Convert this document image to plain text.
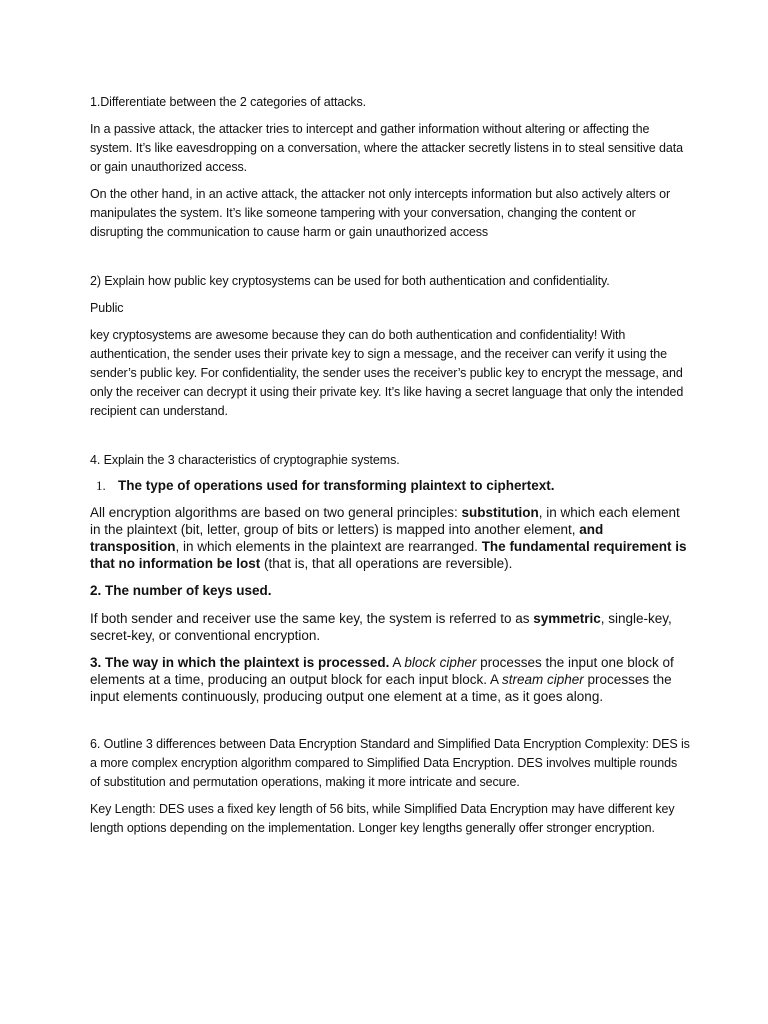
1.Differentiate between the 2 categories of attacks.

In a passive attack, the attacker tries to intercept and gather information without altering or affecting the system. It’s like eavesdropping on a conversation, where the attacker secretly listens in to steal sensitive data or gain unauthorized access.

On the other hand, in an active attack, the attacker not only intercepts information but also actively alters or manipulates the system. It’s like someone tampering with your conversation, changing the content or disrupting the communication to cause harm or gain unauthorized access

2) Explain how public key cryptosystems can be used for both authentication and confidentiality.

Public

key cryptosystems are awesome because they can do both authentication and confidentiality! With authentication, the sender uses their private key to sign a message, and the receiver can verify it using the sender’s public key. For confidentiality, the sender uses the receiver’s public key to encrypt the message, and only the receiver can decrypt it using their private key. It’s like having a secret language that only the intended recipient can understand.

4. Explain the 3 characteristics of cryptographie systems.

1. The type of operations used for transforming plaintext to ciphertext.

All encryption algorithms are based on two general principles: substitution, in which each element in the plaintext (bit, letter, group of bits or letters) is mapped into another element, and transposition, in which elements in the plaintext are rearranged. The fundamental requirement is that no information be lost (that is, that all operations are reversible).

2. The number of keys used.

If both sender and receiver use the same key, the system is referred to as symmetric, single-key, secret-key, or conventional encryption.

3. The way in which the plaintext is processed. A block cipher processes the input one block of elements at a time, producing an output block for each input block. A stream cipher processes the input elements continuously, producing output one element at a time, as it goes along.

6. Outline 3 differences between Data Encryption Standard and Simplified Data Encryption Complexity: DES is a more complex encryption algorithm compared to Simplified Data Encryption. DES involves multiple rounds of substitution and permutation operations, making it more intricate and secure.

Key Length: DES uses a fixed key length of 56 bits, while Simplified Data Encryption may have different key length options depending on the implementation. Longer key lengths generally offer stronger encryption.
